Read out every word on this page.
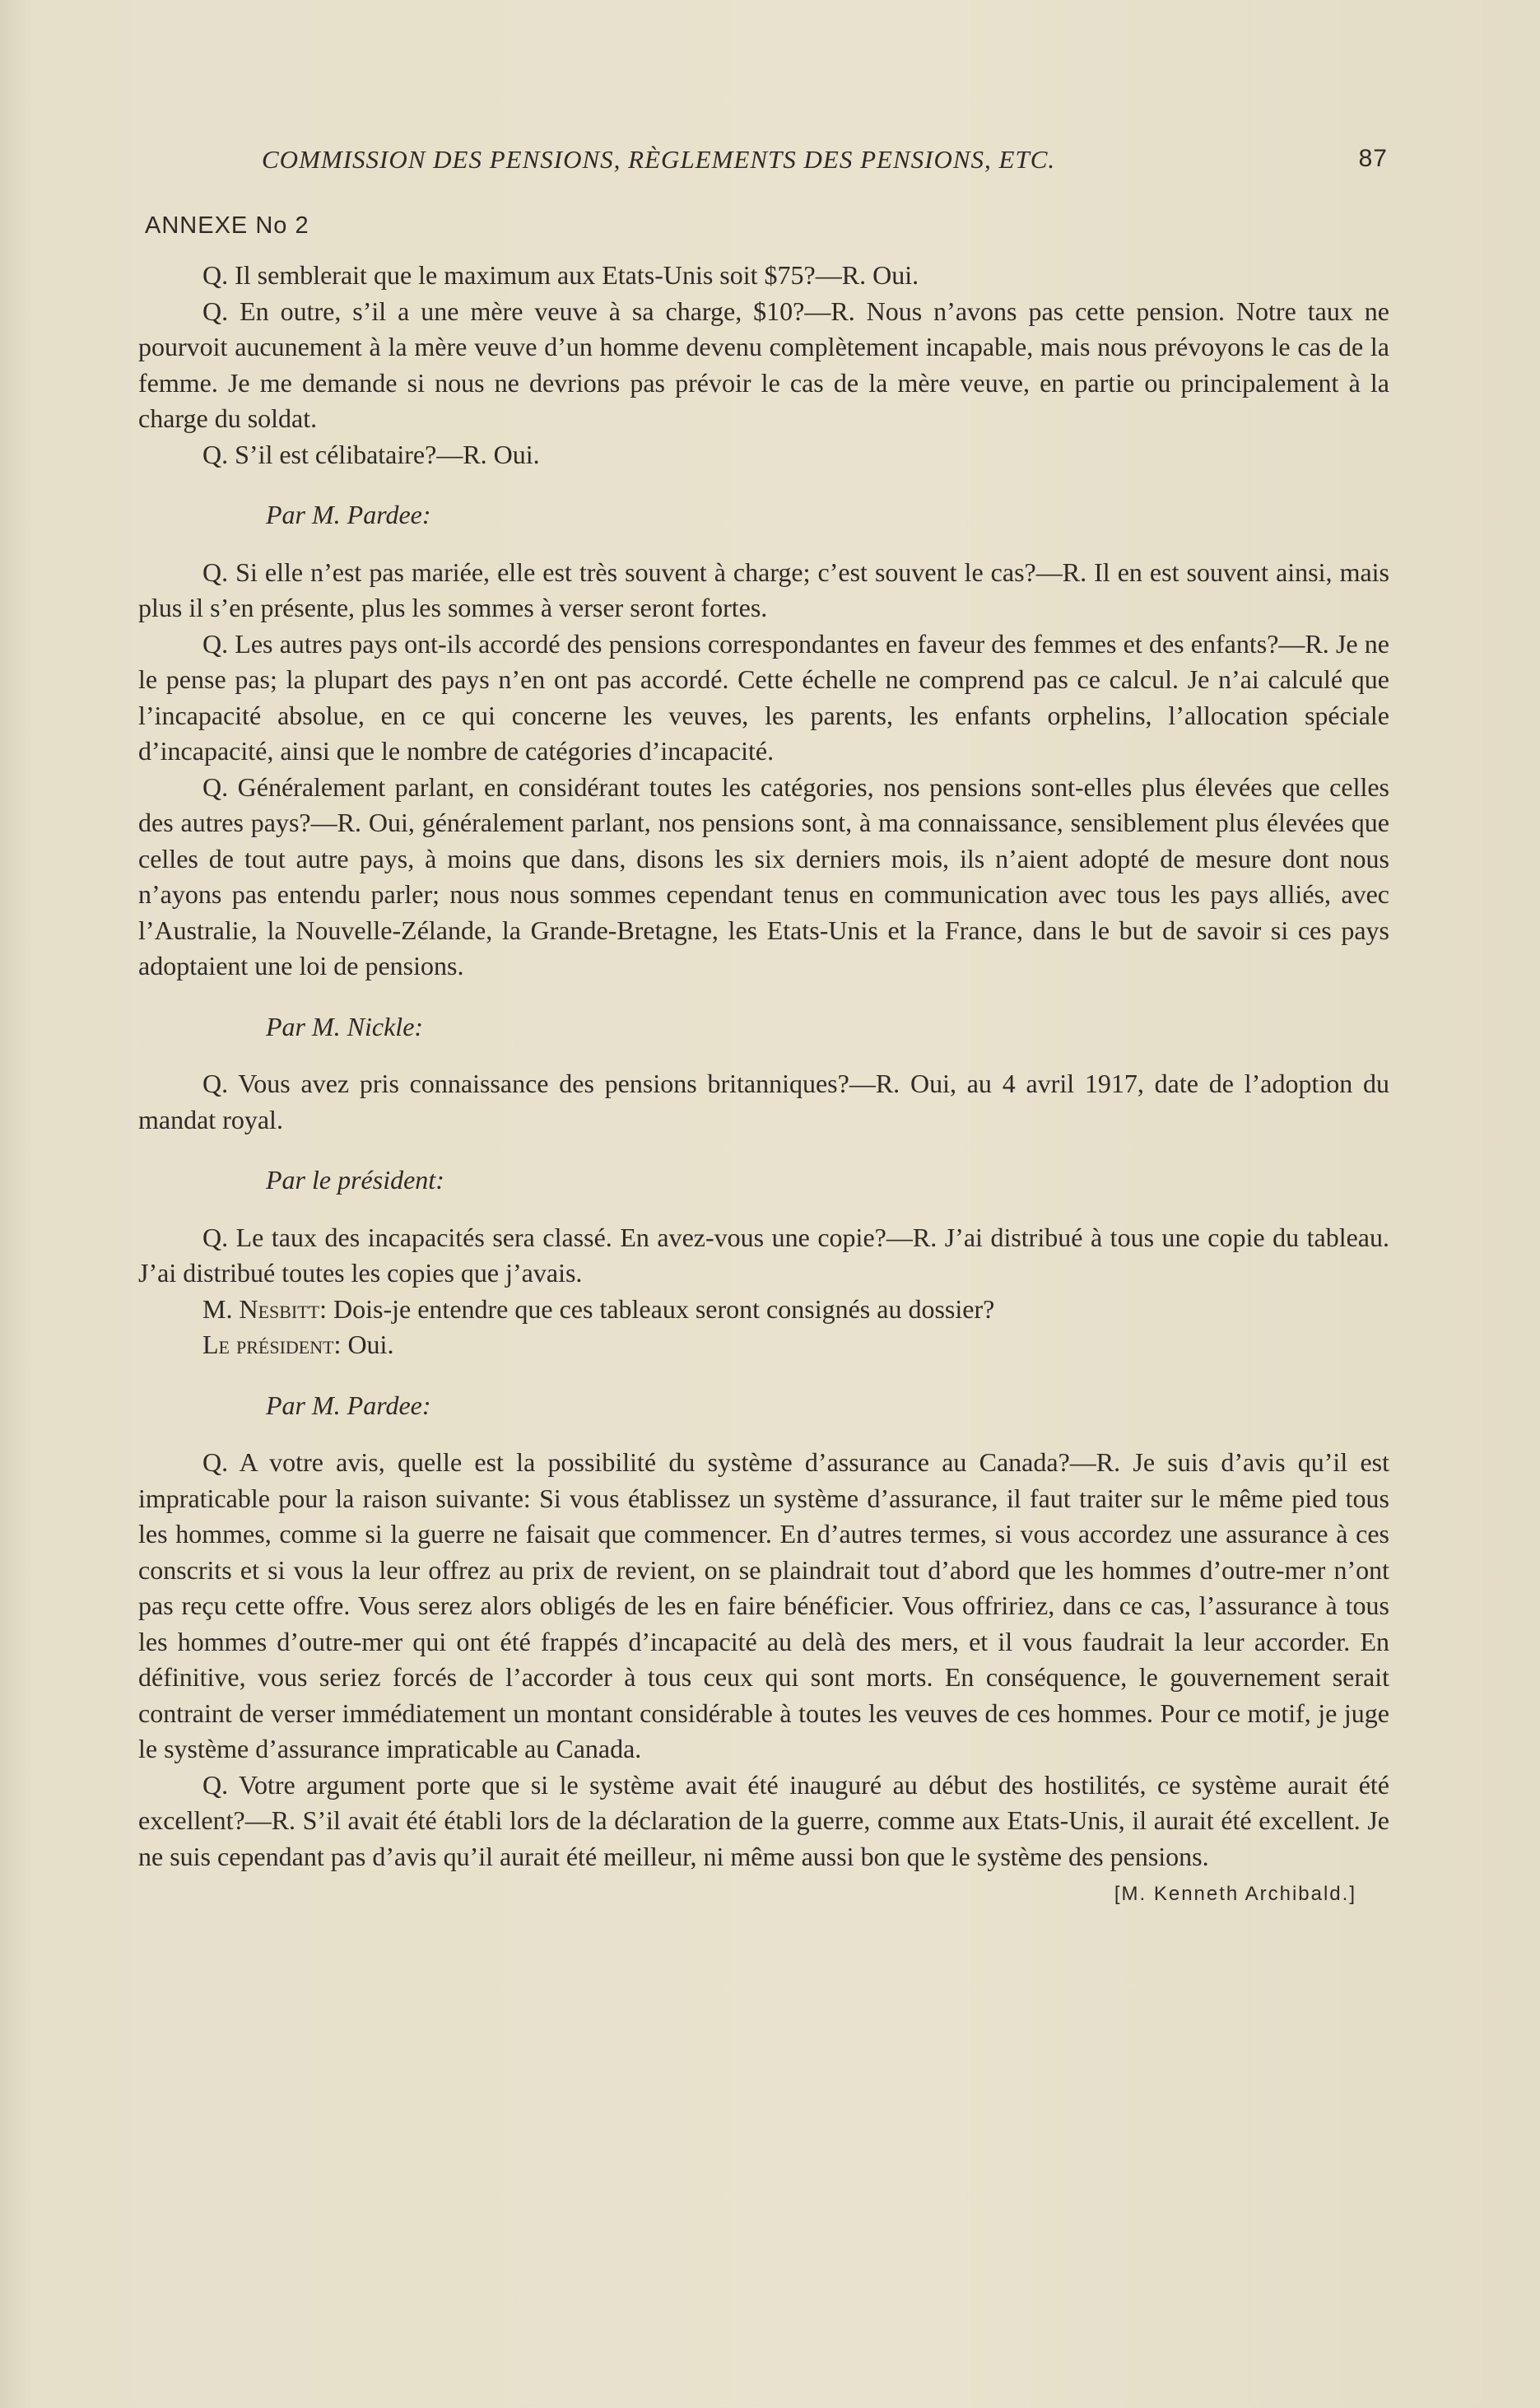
COMMISSION DES PENSIONS, RÈGLEMENTS DES PENSIONS, ETC.	87
ANNEXE No 2

Q. Il semblerait que le maximum aux Etats-Unis soit $75?—R. Oui.

Q. En outre, s’il a une mère veuve à sa charge, $10?—R. Nous n’avons pas cette pension. Notre taux ne pourvoit aucunement à la mère veuve d’un homme devenu complètement incapable, mais nous prévoyons le cas de la femme. Je me demande si nous ne devrions pas prévoir le cas de la mère veuve, en partie ou principalement à la charge du soldat.

Q. S’il est célibataire?—R. Oui.

Par M. Pardee:

Q. Si elle n’est pas mariée, elle est très souvent à charge; c’est souvent le cas?—R. Il en est souvent ainsi, mais plus il s’en présente, plus les sommes à verser seront fortes.

Q. Les autres pays ont-ils accordé des pensions correspondantes en faveur des femmes et des enfants?—R. Je ne le pense pas; la plupart des pays n’en ont pas accordé. Cette échelle ne comprend pas ce calcul. Je n’ai calculé que l’incapacité absolue, en ce qui concerne les veuves, les parents, les enfants orphelins, l’allocation spéciale d’incapacité, ainsi que le nombre de catégories d’incapacité.

Q. Généralement parlant, en considérant toutes les catégories, nos pensions sont-elles plus élevées que celles des autres pays?—R. Oui, généralement parlant, nos pensions sont, à ma connaissance, sensiblement plus élevées que celles de tout autre pays, à moins que dans, disons les six derniers mois, ils n’aient adopté de mesure dont nous n’ayons pas entendu parler; nous nous sommes cependant tenus en communication avec tous les pays alliés, avec l’Australie, la Nouvelle-Zélande, la Grande-Bretagne, les Etats-Unis et la France, dans le but de savoir si ces pays adoptaient une loi de pensions.

Par M. Nickle:

Q. Vous avez pris connaissance des pensions britanniques?—R. Oui, au 4 avril 1917, date de l’adoption du mandat royal.

Par le président:

Q. Le taux des incapacités sera classé. En avez-vous une copie?—R. J’ai distribué à tous une copie du tableau. J’ai distribué toutes les copies que j’avais.

M. Nesbitt: Dois-je entendre que ces tableaux seront consignés au dossier?

Le président: Oui.

Par M. Pardee:

Q. A votre avis, quelle est la possibilité du système d’assurance au Canada?—R. Je suis d’avis qu’il est impraticable pour la raison suivante: Si vous établissez un système d’assurance, il faut traiter sur le même pied tous les hommes, comme si la guerre ne faisait que commencer. En d’autres termes, si vous accordez une assurance à ces conscrits et si vous la leur offrez au prix de revient, on se plaindrait tout d’abord que les hommes d’outre-mer n’ont pas reçu cette offre. Vous serez alors obligés de les en faire bénéficier. Vous offririez, dans ce cas, l’assurance à tous les hommes d’outre-mer qui ont été frappés d’incapacité au delà des mers, et il vous faudrait la leur accorder. En définitive, vous seriez forcés de l’accorder à tous ceux qui sont morts. En conséquence, le gouvernement serait contraint de verser immédiatement un montant considérable à toutes les veuves de ces hommes. Pour ce motif, je juge le système d’assurance impraticable au Canada.

Q. Votre argument porte que si le système avait été inauguré au début des hostilités, ce système aurait été excellent?—R. S’il avait été établi lors de la déclaration de la guerre, comme aux Etats-Unis, il aurait été excellent. Je ne suis cependant pas d’avis qu’il aurait été meilleur, ni même aussi bon que le système des pensions.

[M. Kenneth Archibald.]
